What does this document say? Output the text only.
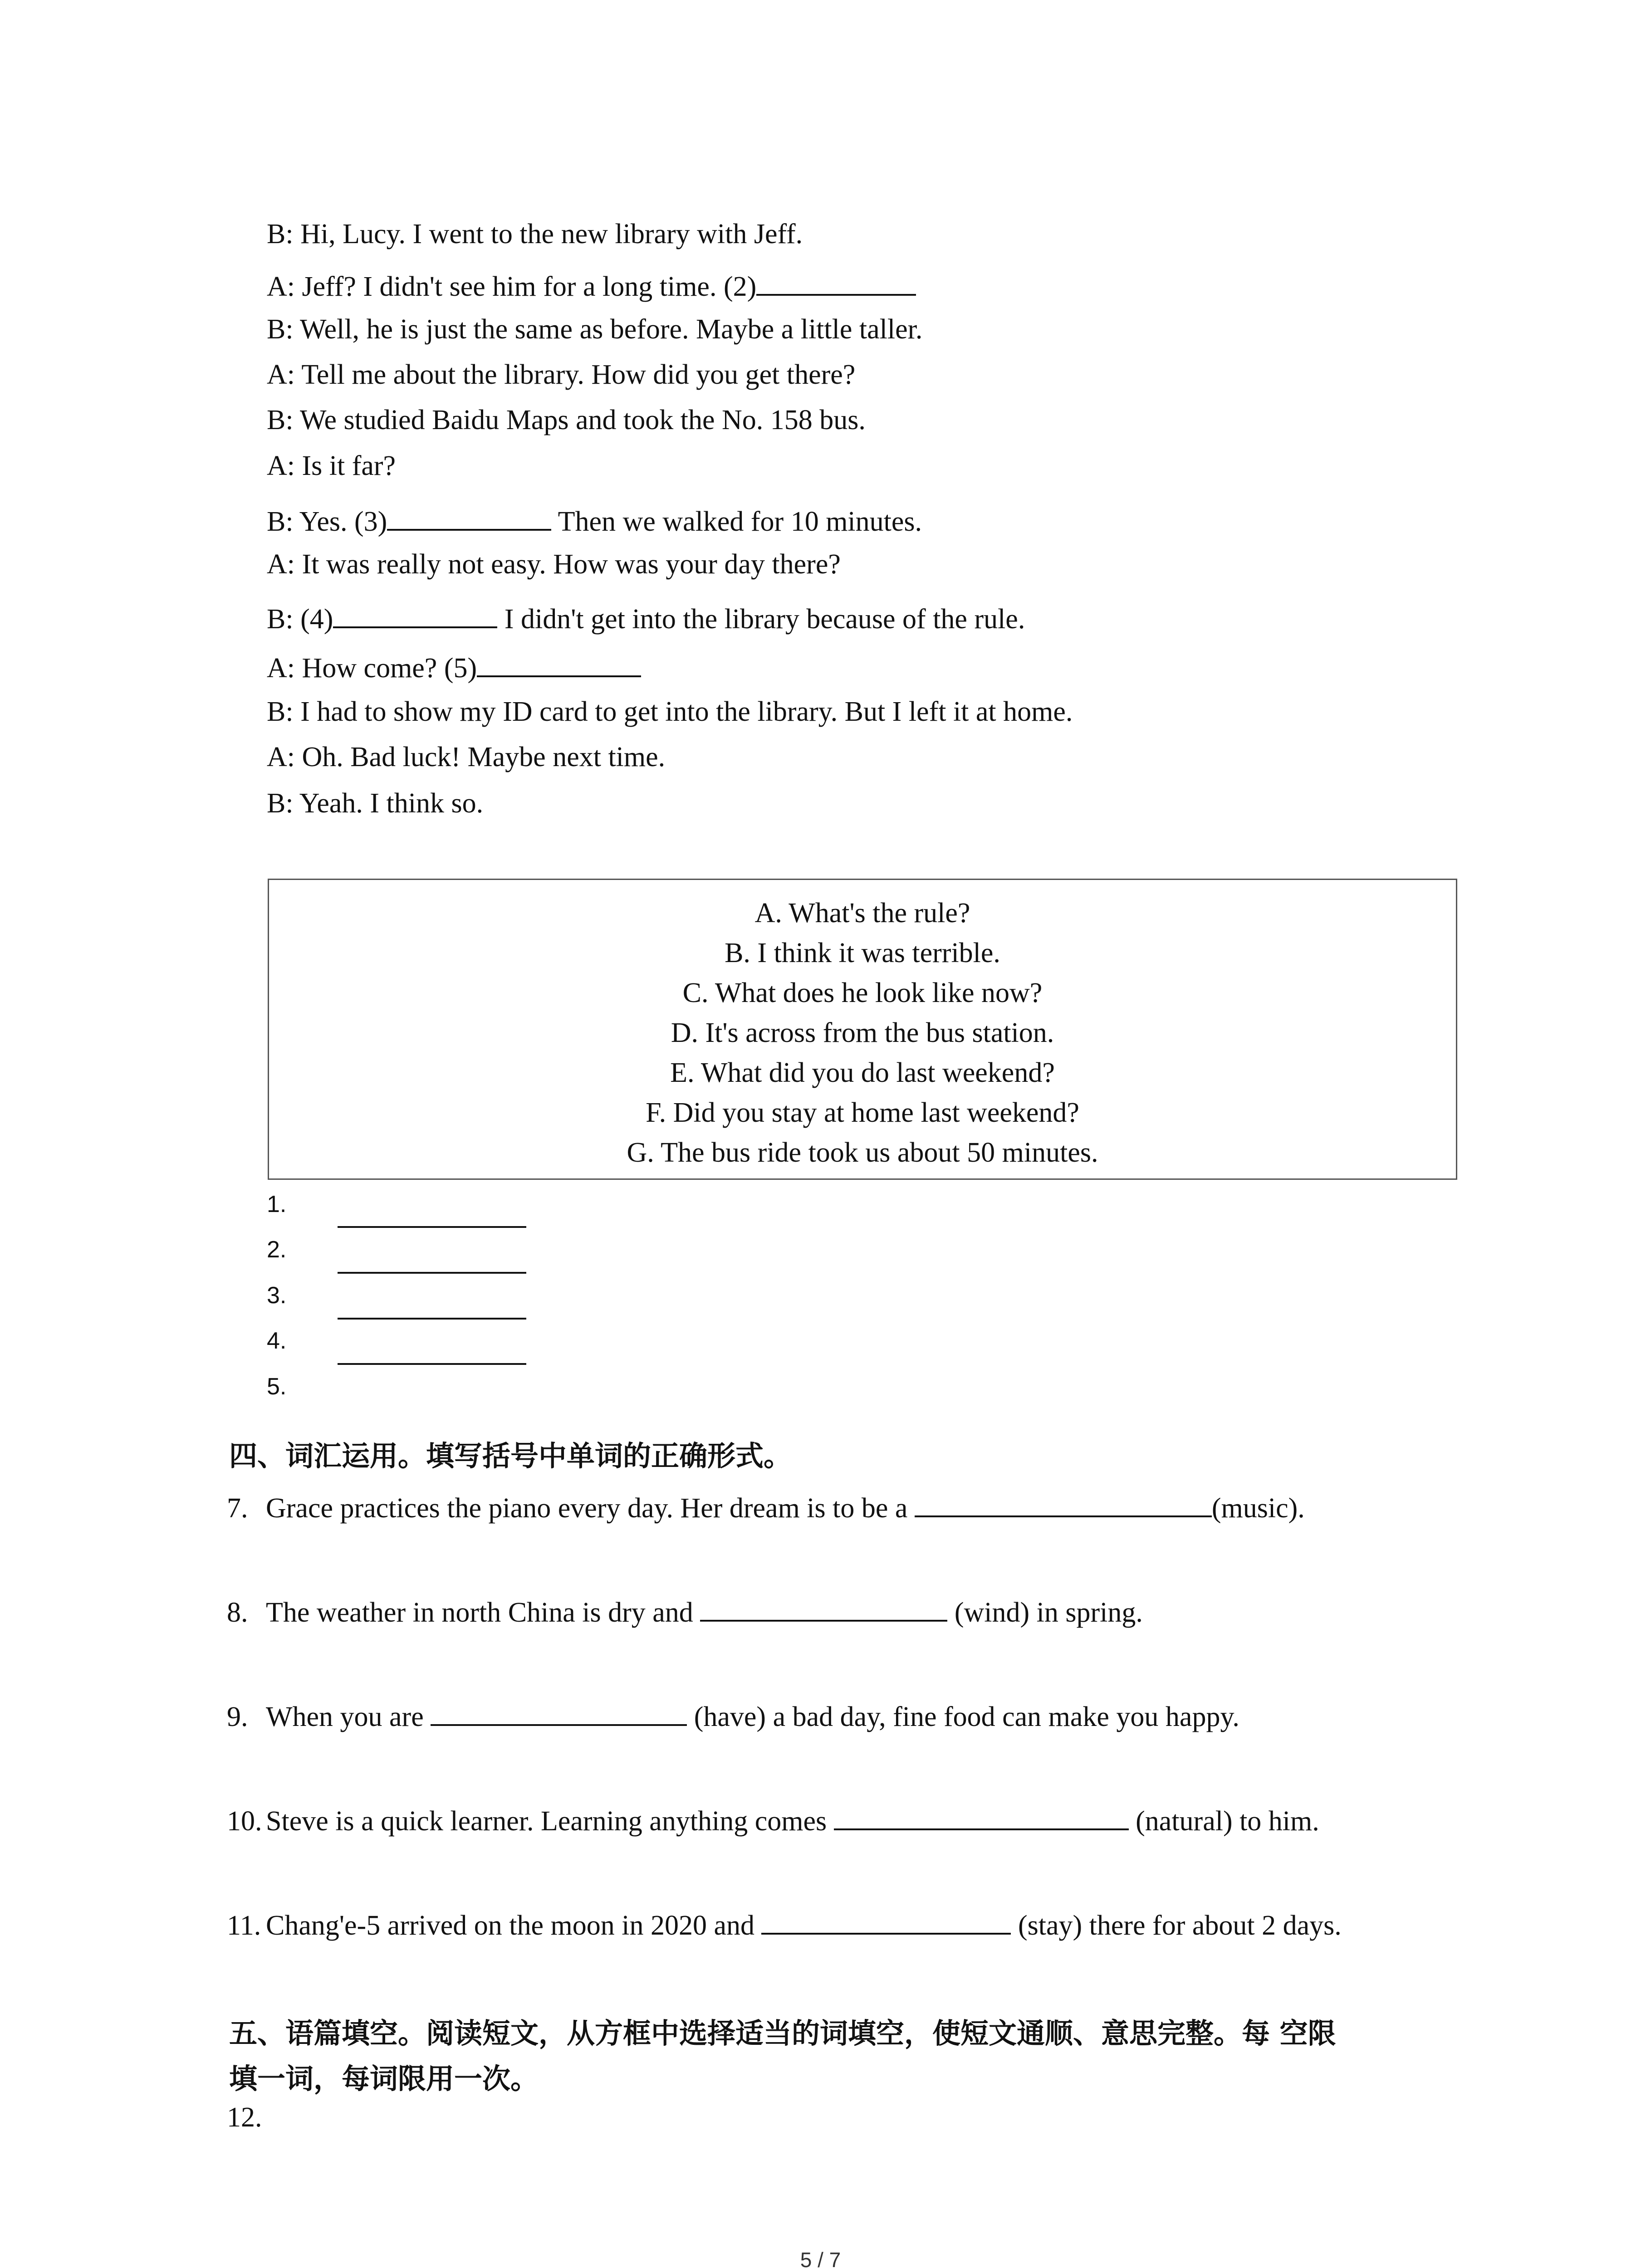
B: Hi, Lucy. I went to the new library with Jeff.
A: Jeff? I didn't see him for a long time. (2)
B: Well, he is just the same as before. Maybe a little taller.
A: Tell me about the library. How did you get there?
B: We studied Baidu Maps and took the No. 158 bus.
A: Is it far?
B: Yes. (3)	Then we walked for 10 minutes.
A: It was really not easy. How was your day there?
B: (4)	I didn't get into the library because of the rule.
A: How come? (5)
B: I had to show my ID card to get into the library. But I left it at home.
A: Oh. Bad luck! Maybe next time.
B: Yeah. I think so.
A. What's the rule?
B. I think it was terrible.
C. What does he look like now?
D. It's across from the bus station.
E. What did you do last weekend?
F. Did you stay at home last weekend?
G. The bus ride took us about 50 minutes.
1.
2.
3.
4.
5.
四、词汇运用。填写括号中单词的正确形式。
7. Grace practices the piano every day. Her dream is to be a	(music).
8. The weather in north China is dry and	(wind) in spring.
9. When you are	(have) a bad day, fine food can make you happy.
10. Steve is a quick learner. Learning anything comes	(natural) to him.
11. Chang'e-5 arrived on the moon in 2020 and	(stay) there for about 2 days.
五、语篇填空。阅读短文，从方框中选择适当的词填空，使短文通顺、意思完整。每 空限
填一词，每词限用一次。
12.
5 / 7
